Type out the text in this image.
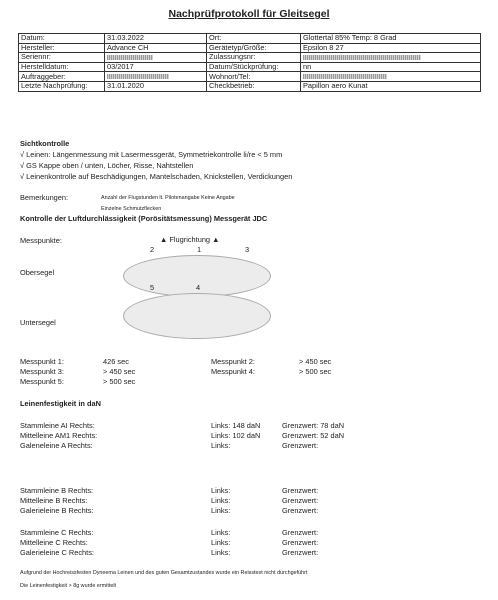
Nachprüfprotokoll für Gleitsegel
Datum:	31.03.2022	Ort:	Glottertal 85% Temp: 8 Grad
Hersteller:	Advance CH	Gerätetyp/Größe:	Epsilon 8 27
Seriennr:		Zulassungsnr:	
Herstelldatum:	03/2017	Datum/Stückprüfung:	nn
Auftraggeber:		Wohnort/Tel:	
Letzte Nachprüfung:	31.01.2020	Checkbetrieb:	Papillon aero Kunat
Sichtkontrolle
√ Leinen: Längenmessung mit Lasermessgerät, Symmetriekontrolle li/re < 5 mm
√ GS Kappe oben / unten, Löcher, Risse, Nahtstellen
√ Leinenkontrolle auf Beschädigungen, Mantelschaden, Knickstellen, Verdickungen
Bemerkungen:	Anzahl der Flugstunden lt. Pilotenangabe Keine Angabe
Einzelne Schmutzflecken
Kontrolle der Luftdurchlässigkeit (Porösitätsmessung) Messgerät JDC
Messpunkte:	▲ Flugrichtung ▲
2	1	3
Obersegel
5	4
Untersegel
Messpunkt 1:	426 sec	Messpunkt 2:	> 450 sec
Messpunkt 3:	> 450 sec	Messpunkt 4:	> 500 sec
Messpunkt 5:	> 500 sec
Leinenfestigkeit in daN
Stammleine AI Rechts:	Links: 148 daN	Grenzwert: 78 daN
Mittelleine AM1 Rechts:	Links: 102 daN	Grenzwert: 52 daN
Galeneleine A Rechts:	Links:	Grenzwert:
Stammleine B Rechts:	Links:	Grenzwert:
Mittelleine B Rechts:	Links:	Grenzwert:
Galerieleine B Rechts:	Links:	Grenzwert:
Stammleine C Rechts:	Links:	Grenzwert:
Mittelleine C Rechts:	Links:	Grenzwert:
Galerieleine C Rechts:	Links:	Grenzwert:
Aufgrund der Hochreissfesten Dyneema Leinen und des guten Gesamtzustandes wurde ein Reisstest nicht durchgeführt
Die Leinenfestigkeit > 8g wurde ermittelt
